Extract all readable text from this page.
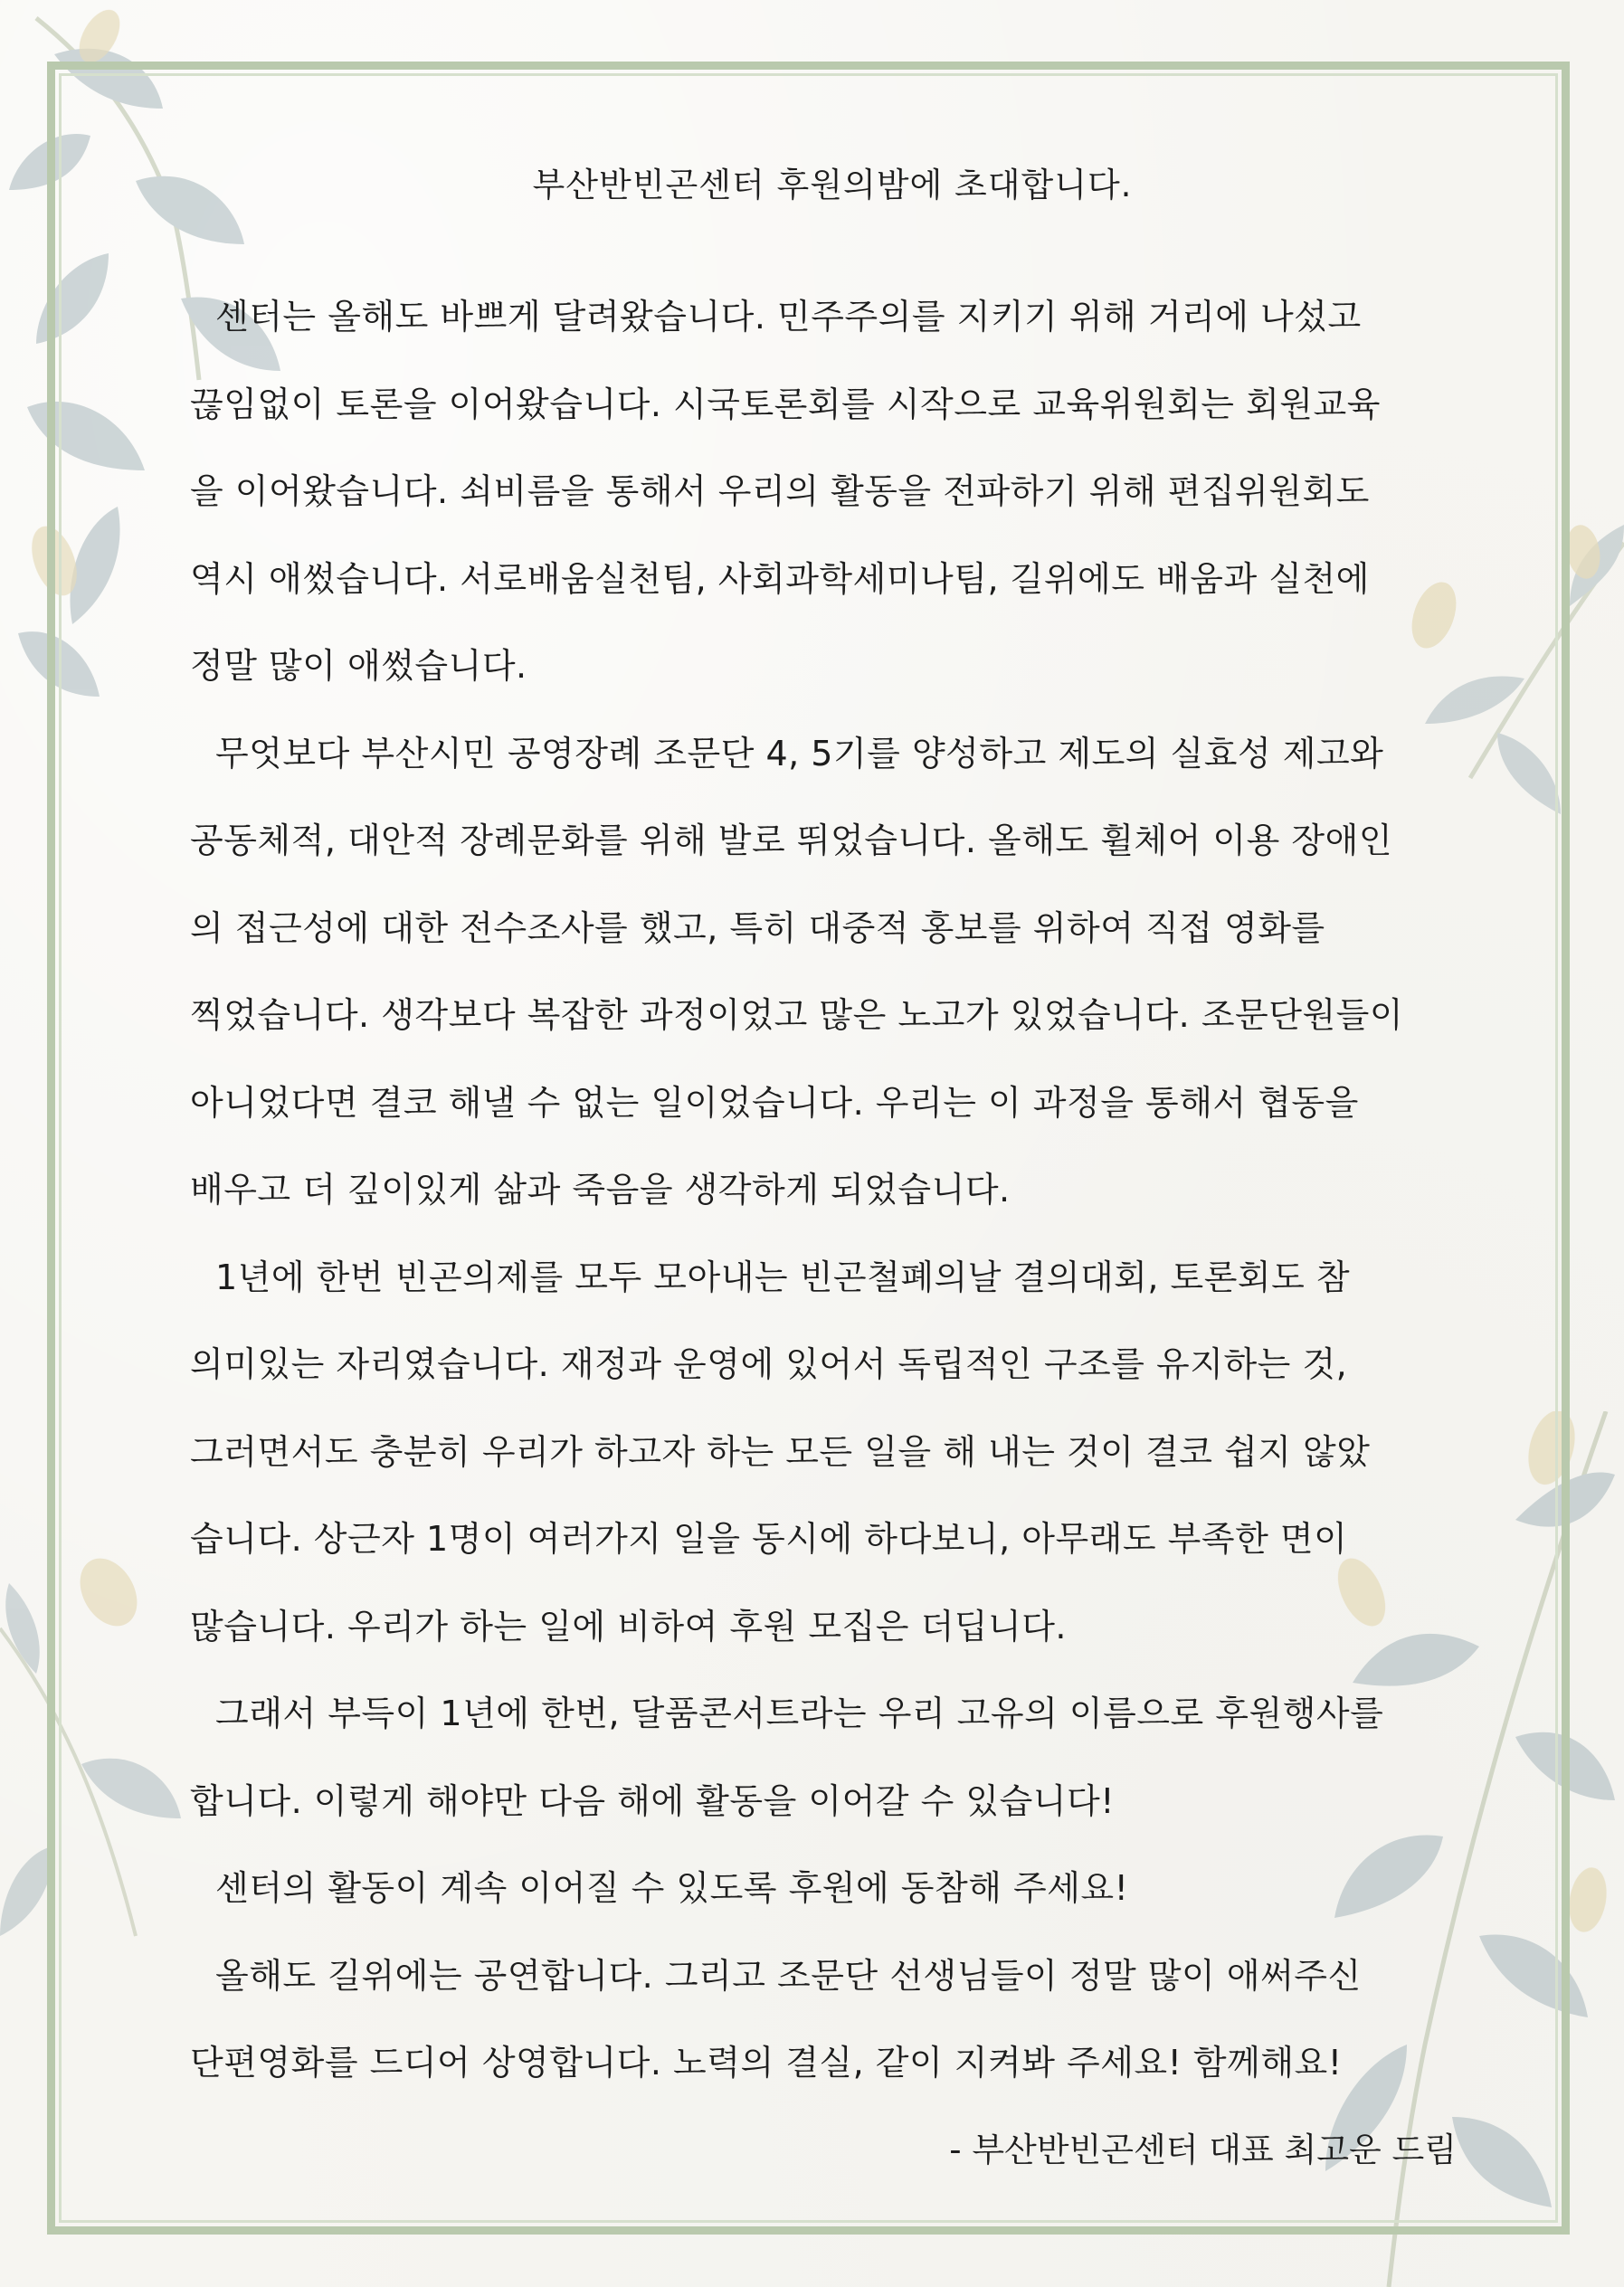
부산반빈곤센터 후원의밤에 초대합니다.
센터는 올해도 바쁘게 달려왔습니다. 민주주의를 지키기 위해 거리에 나섰고
끊임없이 토론을 이어왔습니다. 시국토론회를 시작으로 교육위원회는 회원교육
을 이어왔습니다. 쇠비름을 통해서 우리의 활동을 전파하기 위해 편집위원회도
역시 애썼습니다. 서로배움실천팀, 사회과학세미나팀, 길위에도 배움과 실천에
정말 많이 애썼습니다.
무엇보다 부산시민 공영장례 조문단 4, 5기를 양성하고 제도의 실효성 제고와
공동체적, 대안적 장례문화를 위해 발로 뛰었습니다. 올해도 휠체어 이용 장애인
의 접근성에 대한 전수조사를 했고, 특히 대중적 홍보를 위하여 직접 영화를
찍었습니다. 생각보다 복잡한 과정이었고 많은 노고가 있었습니다. 조문단원들이
아니었다면 결코 해낼 수 없는 일이었습니다. 우리는 이 과정을 통해서 협동을
배우고 더 깊이있게 삶과 죽음을 생각하게 되었습니다.
1년에 한번 빈곤의제를 모두 모아내는 빈곤철폐의날 결의대회, 토론회도 참
의미있는 자리였습니다. 재정과 운영에 있어서 독립적인 구조를 유지하는 것,
그러면서도 충분히 우리가 하고자 하는 모든 일을 해 내는 것이 결코 쉽지 않았
습니다. 상근자 1명이 여러가지 일을 동시에 하다보니, 아무래도 부족한 면이
많습니다. 우리가 하는 일에 비하여 후원 모집은 더딥니다.
그래서 부득이 1년에 한번, 달품콘서트라는 우리 고유의 이름으로 후원행사를
합니다. 이렇게 해야만 다음 해에 활동을 이어갈 수 있습니다!
센터의 활동이 계속 이어질 수 있도록 후원에 동참해 주세요!
올해도 길위에는 공연합니다. 그리고 조문단 선생님들이 정말 많이 애써주신
단편영화를 드디어 상영합니다. 노력의 결실, 같이 지켜봐 주세요! 함께해요!
- 부산반빈곤센터 대표 최고운 드림
